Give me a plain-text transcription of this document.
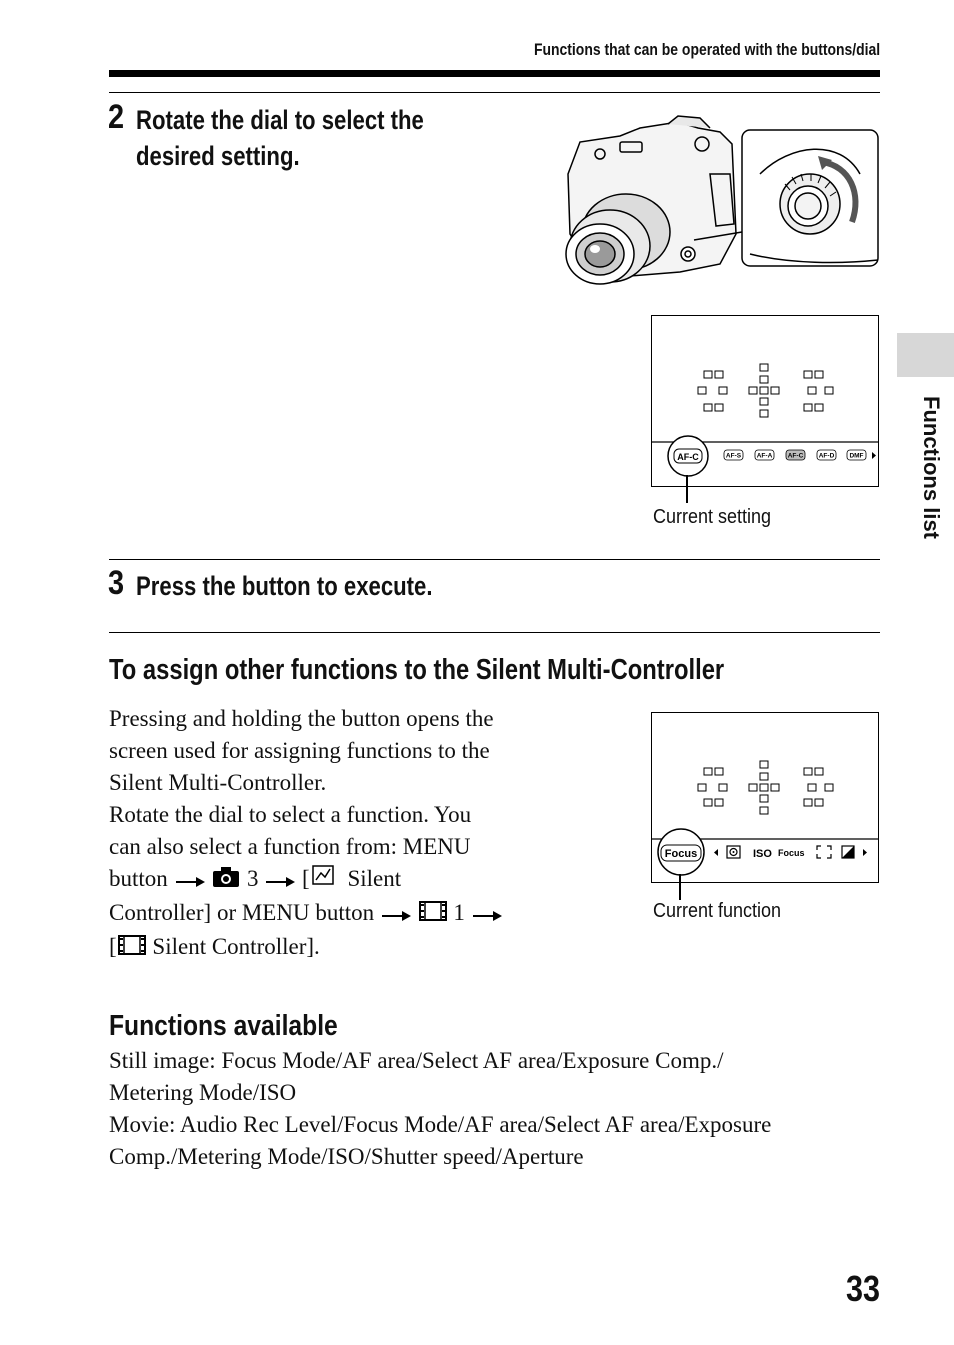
Functions that can be operated with the buttons/dial
Functions list
2 Rotate the dial to select the
desired setting.
AF-C	AF-S AF-A AF-C AF-D DMF
Current setting
3 Press the button to execute.
To assign other functions to the Silent Multi-Controller
Pressing and holding the button opens the
screen used for assigning functions to the
Silent Multi-Controller.
Rotate the dial to select a function. You
can also select a function from: MENU
button	3 [ Silent
Controller] or MENU button	1
[ Silent Controller].
Focus	ISO Focus
Current function
Functions available
Still image: Focus Mode/AF area/Select AF area/Exposure Comp./
Metering Mode/ISO
Movie: Audio Rec Level/Focus Mode/AF area/Select AF area/Exposure
Comp./Metering Mode/ISO/Shutter speed/Aperture
33
